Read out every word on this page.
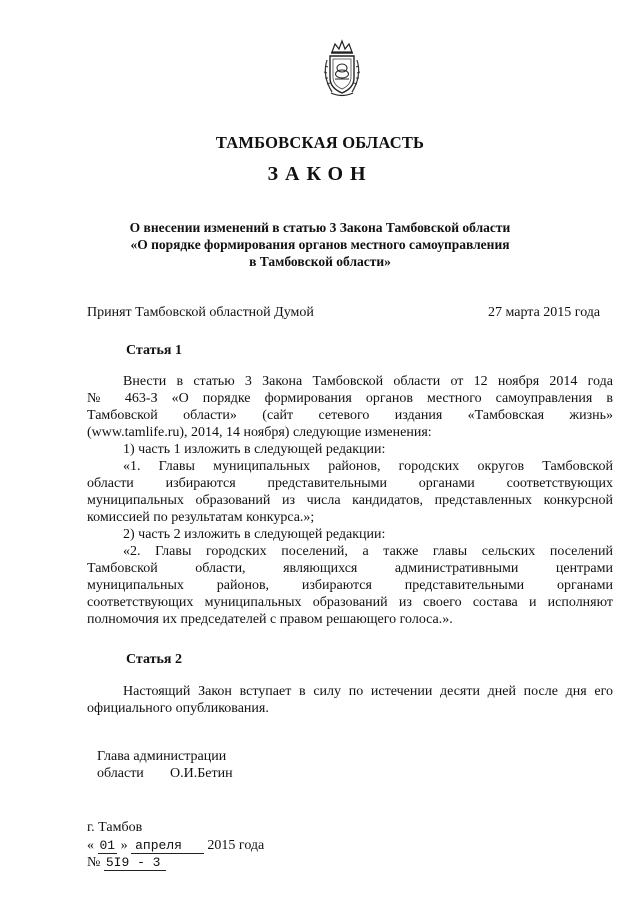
ТАМБОВСКАЯ ОБЛАСТЬ
ЗАКОН
О внесении изменений в статью 3 Закона Тамбовской области
«О порядке формирования органов местного самоуправления
в Тамбовской области»
Принят Тамбовской областной Думой	27 марта 2015 года
Статья 1
Внести в статью 3 Закона Тамбовской области от 12 ноября 2014 года
№ 463-З «О порядке формирования органов местного самоуправления в
Тамбовской области» (сайт сетевого издания «Тамбовская жизнь»
(www.tamlife.ru), 2014, 14 ноября) следующие изменения:
1) часть 1 изложить в следующей редакции:
«1. Главы муниципальных районов, городских округов Тамбовской
области избираются представительными органами соответствующих
муниципальных образований из числа кандидатов, представленных конкурсной
комиссией по результатам конкурса.»;
2) часть 2 изложить в следующей редакции:
«2. Главы городских поселений, а также главы сельских поселений
Тамбовской области, являющихся административными центрами
муниципальных районов, избираются представительными органами
соответствующих муниципальных образований из своего состава и исполняют
полномочия их председателей с правом решающего голоса.».
Статья 2
Настоящий Закон вступает в силу по истечении десяти дней после дня его
официального опубликования.
Глава администрации
области О.И.Бетин
г. Тамбов
« 01 » апреля 2015 года
№ 5I9 - 3
